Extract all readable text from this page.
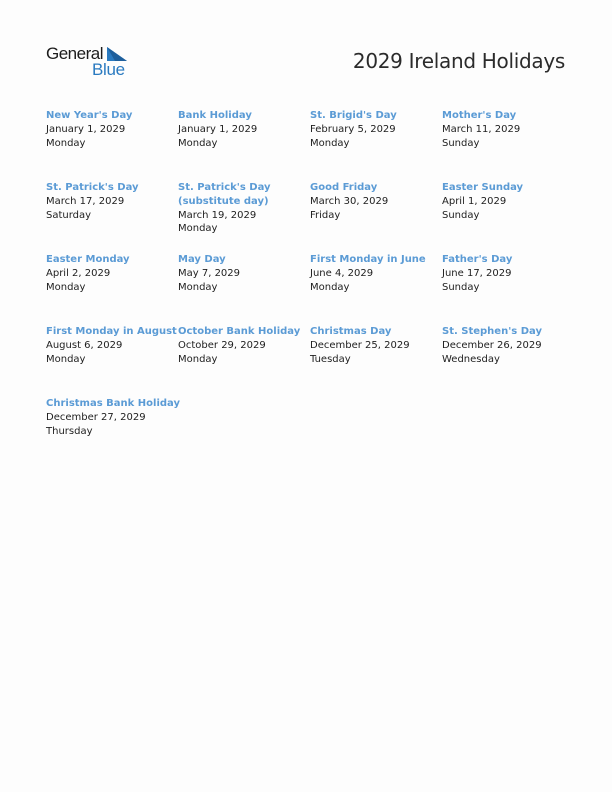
General
Blue	2029 Ireland Holidays
New Year's Day
January 1, 2029
Monday
Bank Holiday
January 1, 2029
Monday
St. Brigid's Day
February 5, 2029
Monday
Mother's Day
March 11, 2029
Sunday
St. Patrick's Day
March 17, 2029
Saturday
St. Patrick's Day (substitute day)
March 19, 2029
Monday
Good Friday
March 30, 2029
Friday
Easter Sunday
April 1, 2029
Sunday
Easter Monday
April 2, 2029
Monday
May Day
May 7, 2029
Monday
First Monday in June
June 4, 2029
Monday
Father's Day
June 17, 2029
Sunday
First Monday in August
August 6, 2029
Monday
October Bank Holiday
October 29, 2029
Monday
Christmas Day
December 25, 2029
Tuesday
St. Stephen's Day
December 26, 2029
Wednesday
Christmas Bank Holiday
December 27, 2029
Thursday
